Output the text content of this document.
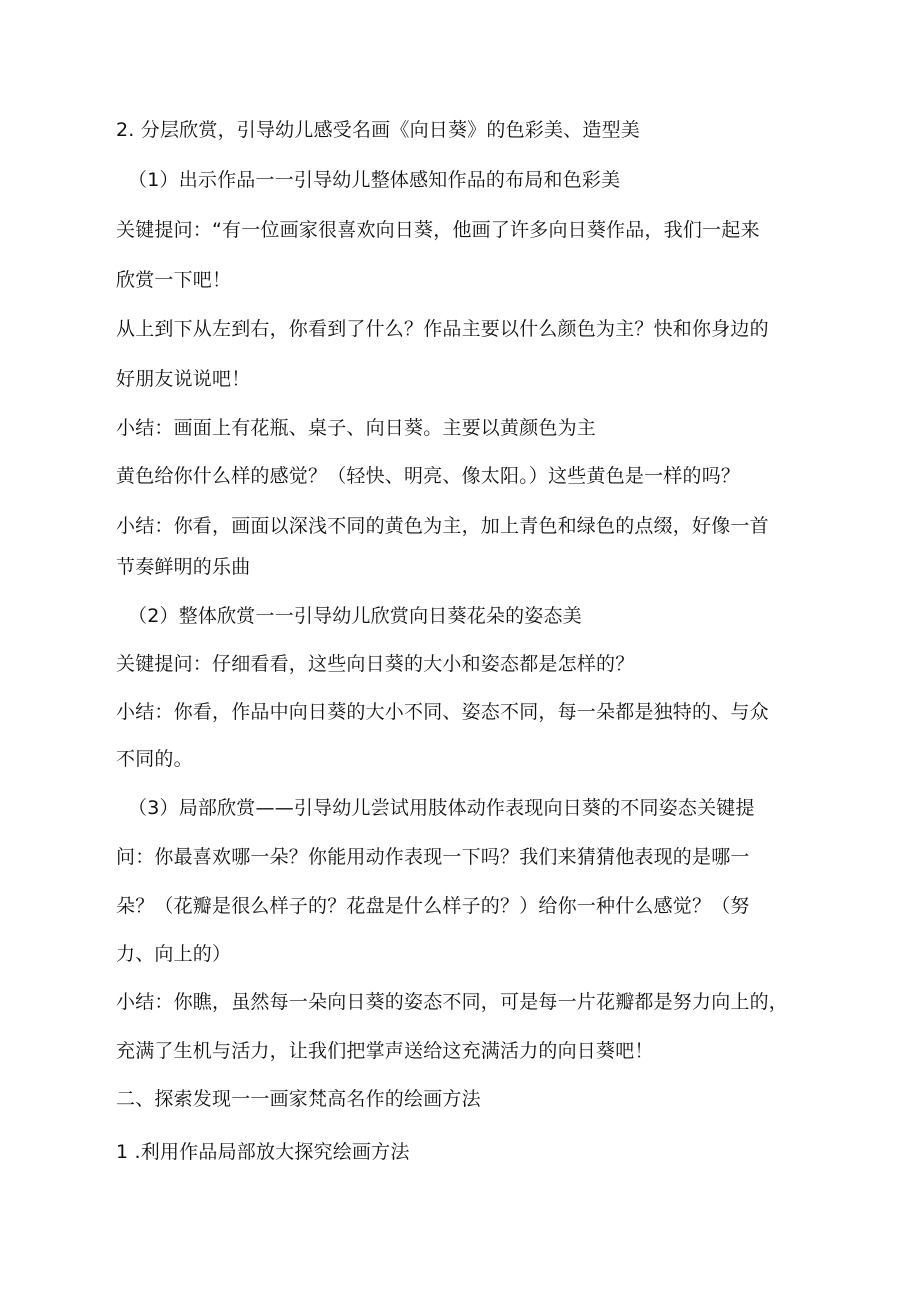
2. 分层欣赏，引导幼儿感受名画《向日葵》的色彩美、造型美
（1）出示作品一一引导幼儿整体感知作品的布局和色彩美
关键提问：“有一位画家很喜欢向日葵，他画了许多向日葵作品，我们一起来
欣赏一下吧！
从上到下从左到右，你看到了什么？作品主要以什么颜色为主？快和你身边的
好朋友说说吧！
小结：画面上有花瓶、桌子、向日葵。主要以黄颜色为主
黄色给你什么样的感觉？（轻快、明亮、像太阳。）这些黄色是一样的吗？
小结：你看，画面以深浅不同的黄色为主，加上青色和绿色的点缀，好像一首
节奏鲜明的乐曲
（2）整体欣赏一一引导幼儿欣赏向日葵花朵的姿态美
关键提问：仔细看看，这些向日葵的大小和姿态都是怎样的？
小结：你看，作品中向日葵的大小不同、姿态不同，每一朵都是独特的、与众
不同的。
（3）局部欣赏——引导幼儿尝试用肢体动作表现向日葵的不同姿态关键提
问：你最喜欢哪一朵？你能用动作表现一下吗？我们来猜猜他表现的是哪一
朵？（花瓣是很么样子的？花盘是什么样子的？）给你一种什么感觉？（努
力、向上的）
小结：你瞧，虽然每一朵向日葵的姿态不同，可是每一片花瓣都是努力向上的，
充满了生机与活力，让我们把掌声送给这充满活力的向日葵吧！
二、探索发现一一画家梵高名作的绘画方法
1 .利用作品局部放大探究绘画方法
